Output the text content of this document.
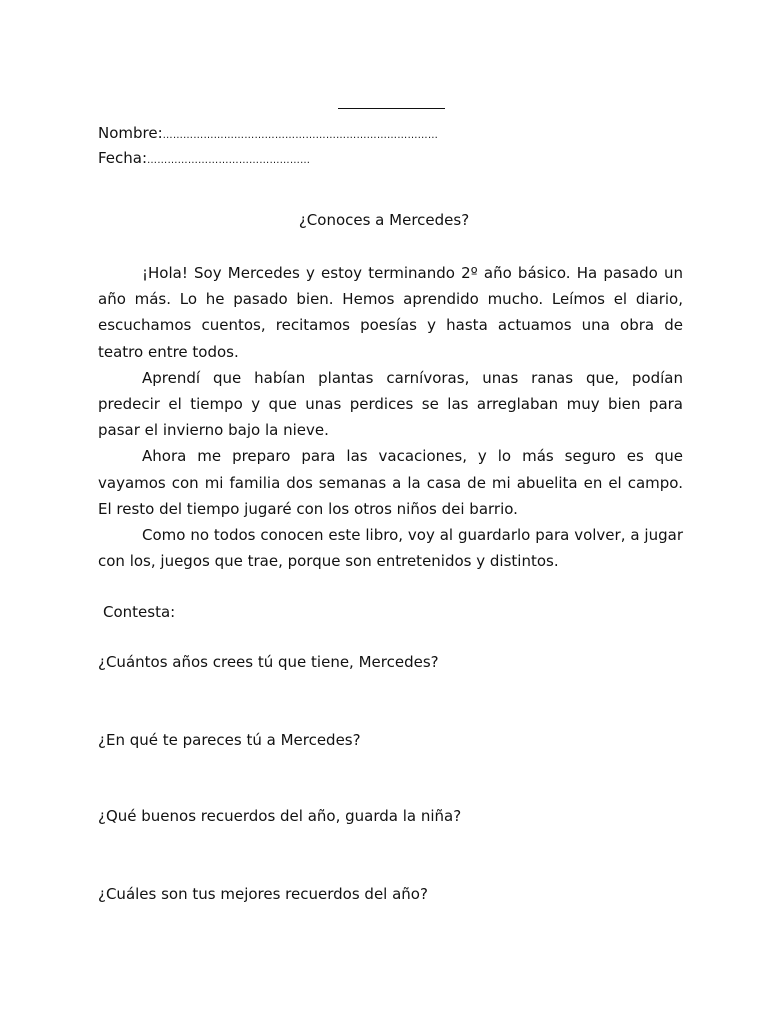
Nombre:………………………………………………………………………
Fecha:…………………………………………
¿Conoces a Mercedes?

¡Hola! Soy Mercedes y estoy terminando 2º año básico. Ha pasado un año más. Lo he pasado bien. Hemos aprendido mucho. Leímos el diario, escuchamos cuentos, recitamos poesías y hasta actuamos una obra de teatro entre todos.

Aprendí que habían plantas carnívoras, unas ranas que, podían predecir el tiempo y que unas perdices se las arreglaban muy bien para pasar el invierno bajo la nieve.

Ahora me preparo para las vacaciones, y lo más seguro es que vayamos con mi familia dos semanas a la casa de mi abuelita en el campo. El resto del tiempo jugaré con los otros niños dei barrio.

Como no todos conocen este libro, voy al guardarlo para volver, a jugar con los, juegos que trae, porque son entretenidos y distintos.

Contesta:
¿Cuántos años crees tú que tiene, Mercedes?
¿En qué te pareces tú a Mercedes?
¿Qué buenos recuerdos del año, guarda la niña?
¿Cuáles son tus mejores recuerdos del año?
